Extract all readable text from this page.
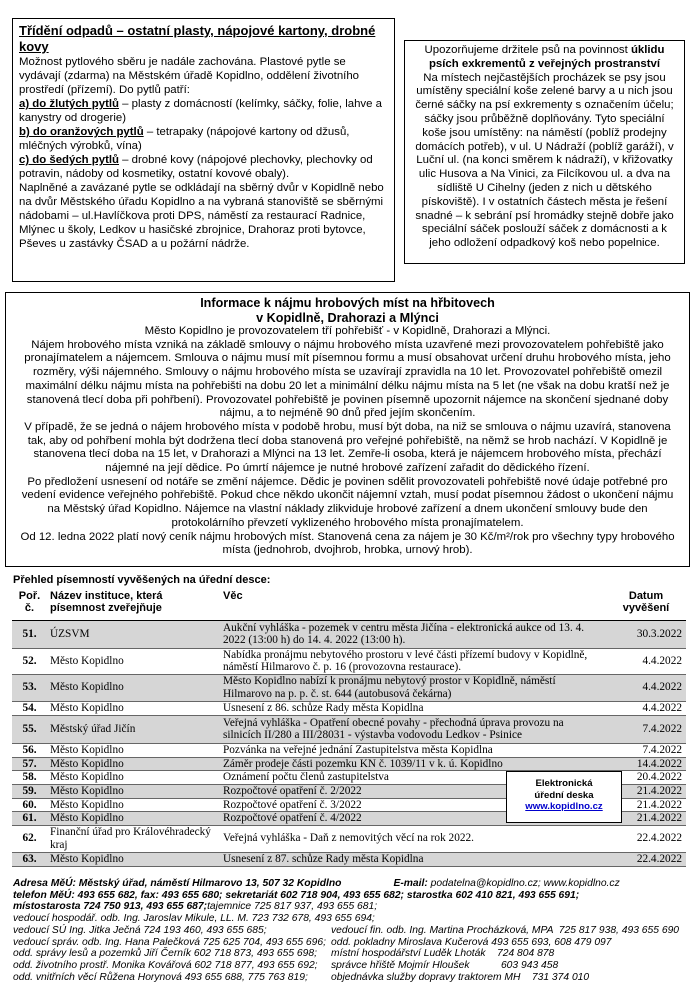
Třídění odpadů – ostatní plasty, nápojové kartony, drobné kovy

Možnost pytlového sběru je nadále zachována. Plastové pytle se vydávají (zdarma) na Městském úřadě Kopidlno, oddělení životního prostředí (přízemí). Do pytlů patří:

a) do žlutých pytlů – plasty z domácností (kelímky, sáčky, folie, lahve a kanystry od drogerie)

b) do oranžových pytlů – tetrapaky (nápojové kartony od džusů, mléčných výrobků, vína)

c) do šedých pytlů – drobné kovy (nápojové plechovky, plechovky od potravin, nádoby od kosmetiky, ostatní kovové obaly).

Naplněné a zavázané pytle se odkládají na sběrný dvůr v Kopidlně nebo na dvůr Městského úřadu Kopidlno a na vybraná stanoviště se sběrnými nádobami – ul.Havlíčkova proti DPS, náměstí za restaurací Radnice, Mlýnec u školy, Ledkov u hasičské zbrojnice, Drahoraz proti bytovce, Pševes u zastávky ČSAD a u požární nádrže.

Upozorňujeme držitele psů na povinnost úklidu psích exkrementů z veřejných prostranství
Na místech nejčastějších procházek se psy jsou umístěny speciální koše zelené barvy a u nich jsou černé sáčky na psí exkrementy s označením účelu; sáčky jsou průběžně doplňovány. Tyto speciální koše jsou umístěny: na náměstí (poblíž prodejny domácích potřeb), v ul. U Nádraží (poblíž garáží), v Luční ul. (na konci směrem k nádraží), v křižovatky ulic Husova a Na Vinici, za Filcíkovou ul. a dva na sídliště U Cihelny (jeden z nich u dětského pískoviště). I v ostatních částech města je řešení snadné – k sebrání psí hromádky stejně dobře jako speciální sáček poslouží sáček z domácnosti a k jeho odložení odpadkový koš nebo popelnice.
Informace k nájmu hrobových míst na hřbitovech
v Kopidlně, Drahorazi a Mlýnci
Město Kopidlno je provozovatelem tří pohřebišť - v Kopidlně, Drahorazi a Mlýnci.
Nájem hrobového místa vzniká na základě smlouvy o nájmu hrobového místa uzavřené mezi provozovatelem pohřebiště jako pronajímatelem a nájemcem. Smlouva o nájmu musí mít písemnou formu a musí obsahovat určení druhu hrobového místa, jeho rozměry, výši nájemného. Smlouvy o nájmu hrobového místa se uzavírají zpravidla na 10 let. Provozovatel pohřebiště omezil maximální délku nájmu místa na pohřebišti na dobu 20 let a minimální délku nájmu místa na 5 let (ne však na dobu kratší než je stanovená tlecí doba při pohřbení). Provozovatel pohřebiště je povinen písemně upozornit nájemce na skončení sjednané doby nájmu, a to nejméně 90 dnů před jejím skončením.
V případě, že se jedná o nájem hrobového místa v podobě hrobu, musí být doba, na niž se smlouva o nájmu uzavírá, stanovena tak, aby od pohřbení mohla být dodržena tlecí doba stanovená pro veřejné pohřebiště, na němž se hrob nachází. V Kopidlně je stanovena tlecí doba na 15 let, v Drahorazi a Mlýnci na 13 let. Zemře-li osoba, která je nájemcem hrobového místa, přechází nájemné na její dědice. Po úmrtí nájemce je nutné hrobové zařízení zařadit do dědického řízení.
Po předložení usnesení od notáře se změní nájemce. Dědic je povinen sdělit provozovateli pohřebiště nové údaje potřebné pro vedení evidence veřejného pohřebiště. Pokud chce někdo ukončit nájemní vztah, musí podat písemnou žádost o ukončení nájmu na Městský úřad Kopidlno. Nájemce na vlastní náklady zlikviduje hrobové zařízení a dnem ukončení smlouvy bude den protokolárního převzetí vyklizeného hrobového místa pronajímatelem.
Od 12. ledna 2022 platí nový ceník nájmu hrobových míst. Stanovená cena za nájem je 30 Kč/m²/rok pro všechny typy hrobového místa (jednohrob, dvojhrob, hrobka, urnový hrob).
Přehled písemností vyvěšených na úřední desce:
Poř. č.	Název instituce, která písemnost zveřejňuje	Věc	Datum vyvěšení
51.	ÚZSVM	Aukční vyhláška - pozemek v centru města Jičína - elektronická aukce od 13. 4. 2022 (13:00 h) do 14. 4. 2022 (13:00 h).	30.3.2022
52.	Město Kopidlno	Nabídka pronájmu nebytového prostoru v levé části přízemí budovy v Kopidlně, náměstí Hilmarovo č. p. 16 (provozovna restaurace).	4.4.2022
53.	Město Kopidlno	Město Kopidlno nabízí k pronájmu nebytový prostor v Kopidlně, náměstí Hilmarovo na p. p. č. st. 644 (autobusová čekárna)	4.4.2022
54.	Město Kopidlno	Usnesení z 86. schůze Rady města Kopidlna	4.4.2022
55.	Městský úřad Jičín	Veřejná vyhláška - Opatření obecné povahy - přechodná úprava provozu na silnicích II/280 a III/28031 - výstavba vodovodu Ledkov - Psinice	7.4.2022
56.	Město Kopidlno	Pozvánka na veřejné jednání Zastupitelstva města Kopidlna	7.4.2022
57.	Město Kopidlno	Záměr prodeje části pozemku KN č. 1039/11 v k. ú. Kopidlno	14.4.2022
58.	Město Kopidlno	Oznámení počtu členů zastupitelstva	20.4.2022
59.	Město Kopidlno	Rozpočtové opatření č. 2/2022	21.4.2022
60.	Město Kopidlno	Rozpočtové opatření č. 3/2022	21.4.2022
61.	Město Kopidlno	Rozpočtové opatření č. 4/2022	21.4.2022
62.	Finanční úřad pro Královéhradecký kraj	Veřejná vyhláška - Daň z nemovitých věcí na rok 2022.	22.4.2022
63.	Město Kopidlno	Usnesení z 87. schůze Rady města Kopidlna	22.4.2022
Elektronická
úřední deska
www.kopidlno.cz
Adresa MěÚ: Městský úřad, náměstí Hilmarovo 13, 507 32 Kopidlno	E-mail: podatelna@kopidlno.cz; www.kopidlno.cz
telefon MěÚ: 493 655 682, fax: 493 655 680; sekretariát 602 718 904, 493 655 682; starostka 602 410 821, 493 655 691;
místostarosta 724 750 913, 493 655 687; tajemnice 725 817 937, 493 655 681;
vedoucí hospodář. odb. Ing. Jaroslav Mikule, LL. M. 723 732 678, 493 655 694;
vedoucí SÚ Ing. Jitka Ječná 724 193 460, 493 655 685;	vedoucí fin. odb. Ing. Martina Procházková, MPA  725 817 938, 493 655 690
vedoucí správ. odb. Ing. Hana Palečková 725 625 704, 493 655 696; odd. pokladny Miroslava Kučerová 493 655 693, 608 479 097
odd. správy lesů a pozemků Jiří Černík 602 718 873, 493 655 698;	místní hospodářství Luděk Lhoták    724 804 878
odd. životního prostř. Monika Kovářová 602 718 877, 493 655 692;	správce hřiště Mojmír Hloušek           603 943 458
odd. vnitřních věcí Růžena Horynová 493 655 688, 775 763 819;	objednávka služby dopravy traktorem MH    731 374 010
